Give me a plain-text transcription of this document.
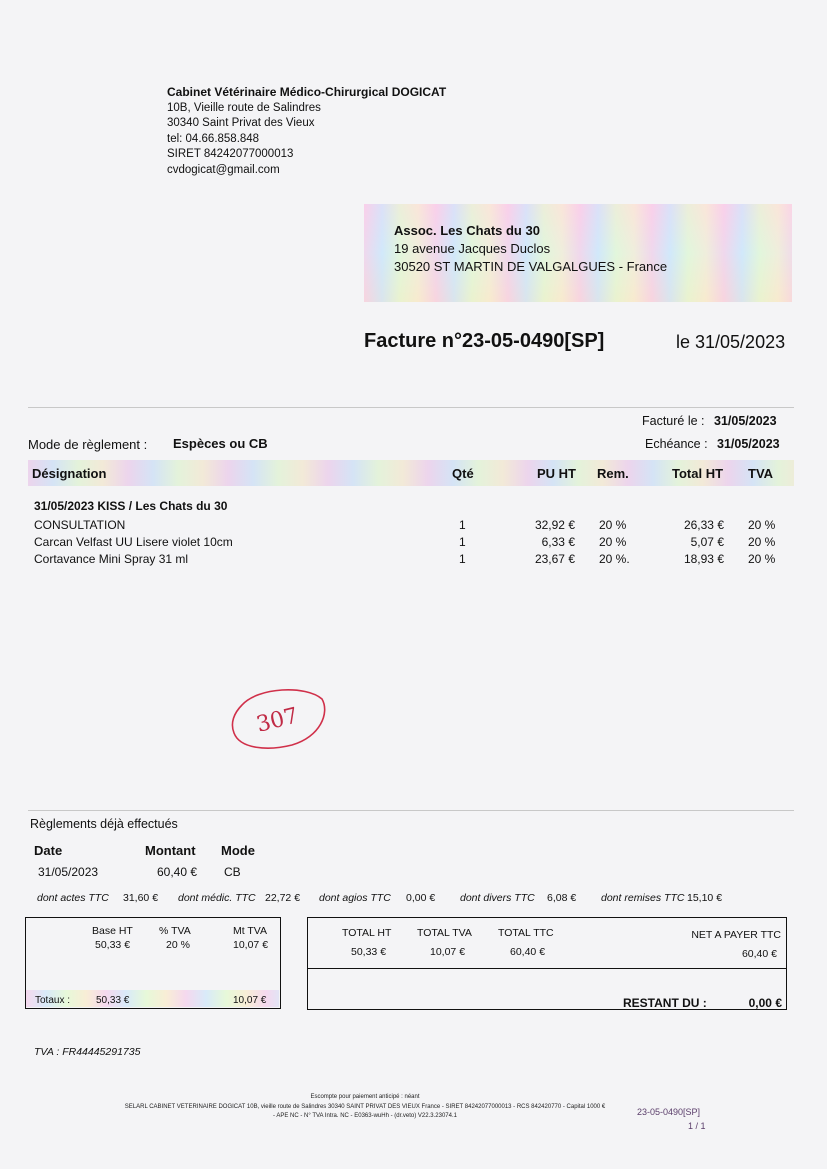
Cabinet Vétérinaire Médico-Chirurgical DOGICAT
10B, Vieille route de Salindres
30340 Saint Privat des Vieux
tel: 04.66.858.848
SIRET 84242077000013
cvdogicat@gmail.com
Assoc. Les Chats du 30
19 avenue Jacques Duclos
30520 ST MARTIN DE VALGALGUES - France
Facture n°23-05-0490[SP]	le 31/05/2023
Facturé le : 31/05/2023
Echéance : 31/05/2023
Mode de règlement : Espèces ou CB
Désignation	Qté	PU HT Rem.	Total HT TVA
31/05/2023 KISS / Les Chats du 30
CONSULTATION	1	32,92 € 20 %	26,33 € 20 %
Carcan Velfast UU Lisere violet 10cm	1	6,33 € 20 %	5,07 € 20 %
Cortavance Mini Spray 31 ml	1	23,67 € 20 %.	18,93 € 20 %
307
Règlements déjà effectués
Date	Montant Mode
31/05/2023	60,40 € CB
dont actes TTC 31,60 € dont médic. TTC 22,72 € dont agios TTC 0,00 € dont divers TTC 6,08 € dont remises TTC 15,10 €
Base HT % TVA	Mt TVA
50,33 €	20 %	10,07 €
Totaux :	50,33 €	10,07 €
TOTAL HT TOTAL TVA TOTAL TTC
50,33 €	10,07 €	60,40 €
NET A PAYER TTC
60,40 €
RESTANT DU :	0,00 €
TVA : FR44445291735
Escompte pour paiement anticipé : néant
SELARL CABINET VETERINAIRE DOGICAT 10B, vieille route de Salindres 30340 SAINT PRIVAT DES VIEUX France - SIRET 84242077000013 - RCS 842420770 - Capital 1000 €
- APE NC - N° TVA Intra. NC - E0363-wuHh - (dr.veto) V22.3.23074.1	23-05-0490[SP]
1 / 1
